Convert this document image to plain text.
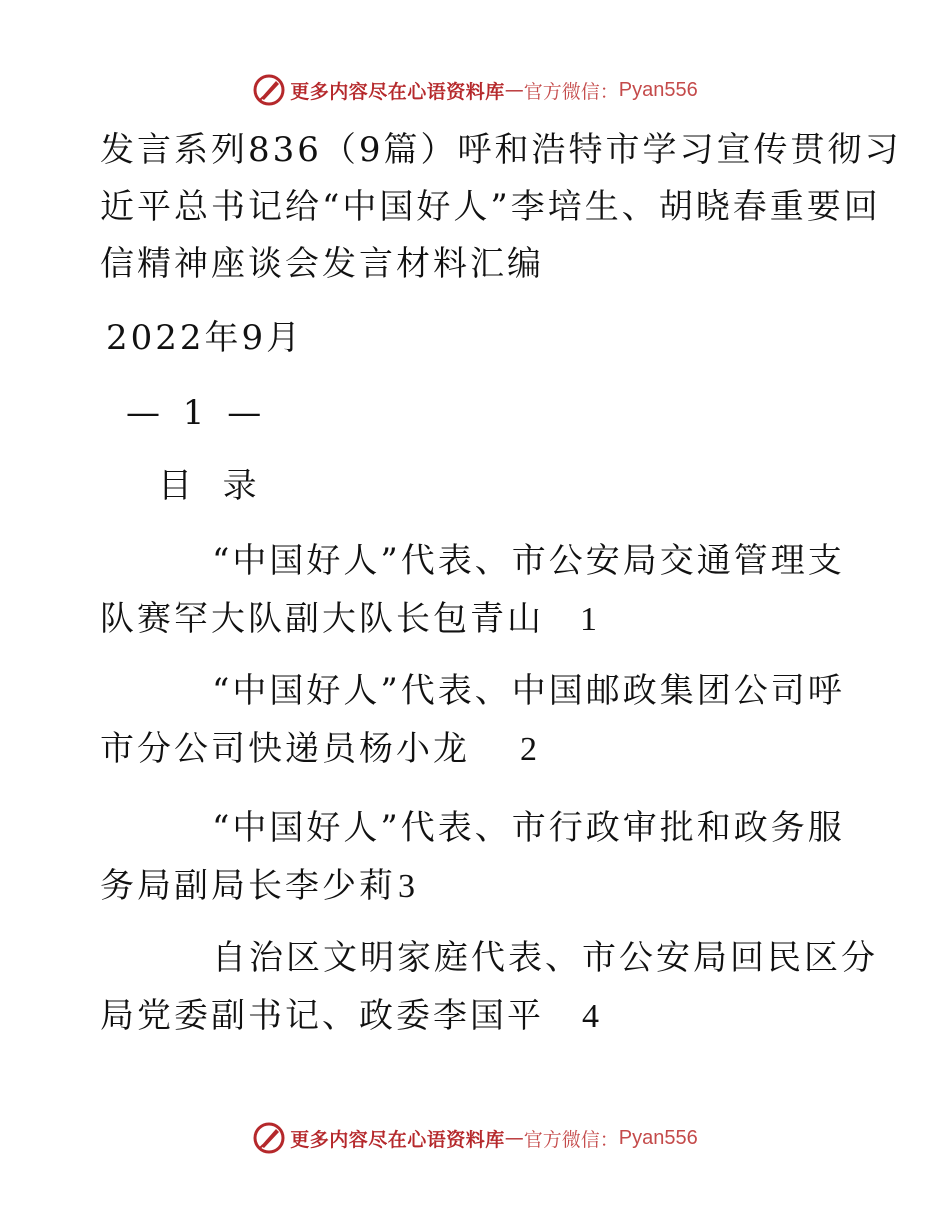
更多内容尽在心语资料库 — 官方微信： Pyan556
发言系列836（9篇）呼和浩特市学习宣传贯彻习
近平总书记给“中国好人”李培生、胡晓春重要回
信精神座谈会发言材料汇编
2022年9月
— 1 —
目  录
“中国好人”代表、市公安局交通管理支
队赛罕大队副大队长包青山 1
“中国好人”代表、中国邮政集团公司呼
市分公司快递员杨小龙 2
“中国好人”代表、市行政审批和政务服
务局副局长李少莉3
自治区文明家庭代表、市公安局回民区分
局党委副书记、政委李国平 4
更多内容尽在心语资料库 — 官方微信： Pyan556
